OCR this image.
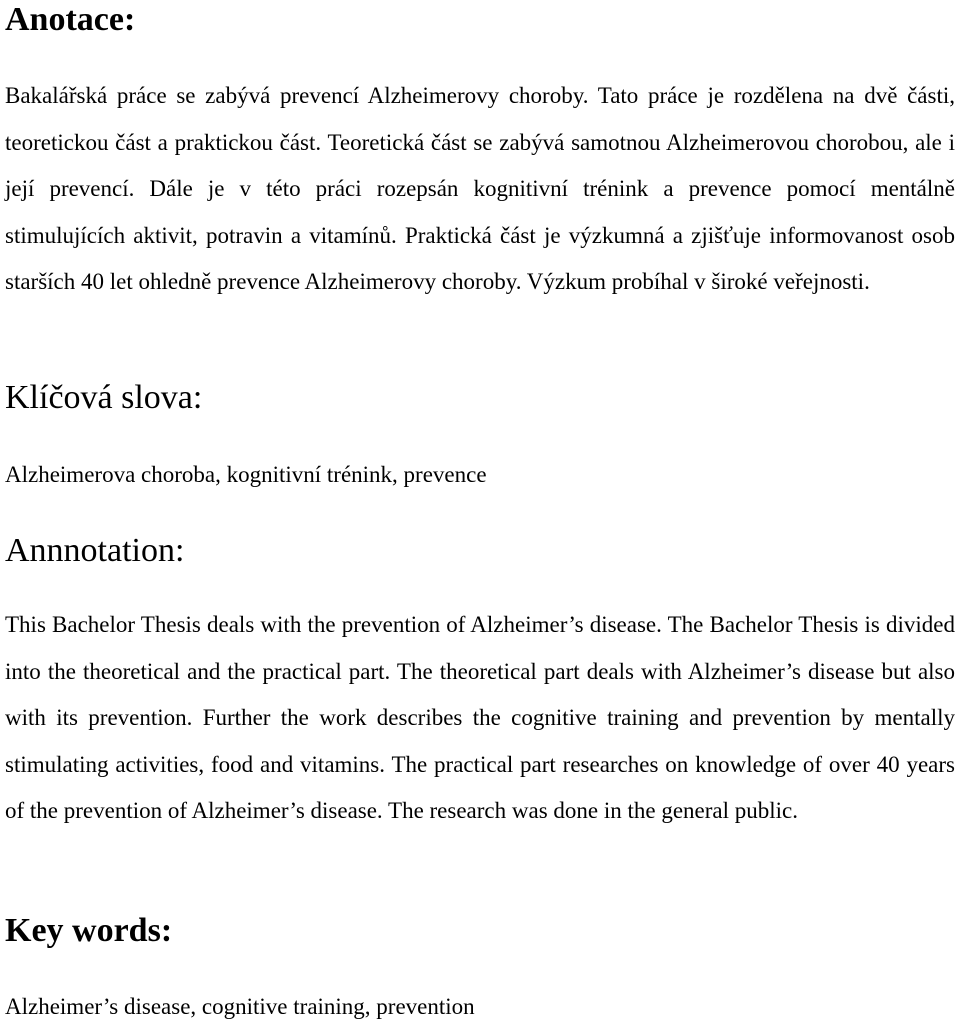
Anotace:

Bakalářská práce se zabývá prevencí Alzheimerovy choroby. Tato práce je rozdělena na dvě části, teoretickou část a praktickou část. Teoretická část se zabývá samotnou Alzheimerovou chorobou, ale i její prevencí. Dále je v této práci rozepsán kognitivní trénink a prevence pomocí mentálně stimulujících aktivit, potravin a vitamínů. Praktická část je výzkumná a zjišťuje informovanost osob starších 40 let ohledně prevence Alzheimerovy choroby. Výzkum probíhal v široké veřejnosti.

Klíčová slova:

Alzheimerova choroba, kognitivní trénink, prevence

Annnotation:

This Bachelor Thesis deals with the prevention of Alzheimer’s disease. The Bachelor Thesis is divided into the theoretical and the practical part. The theoretical part deals with Alzheimer’s disease but also with its prevention. Further the work describes the cognitive training and prevention by mentally stimulating activities, food and vitamins. The practical part researches on knowledge of over 40 years of the prevention of Alzheimer’s disease. The research was done in the general public.

Key words:

Alzheimer’s disease, cognitive training, prevention
